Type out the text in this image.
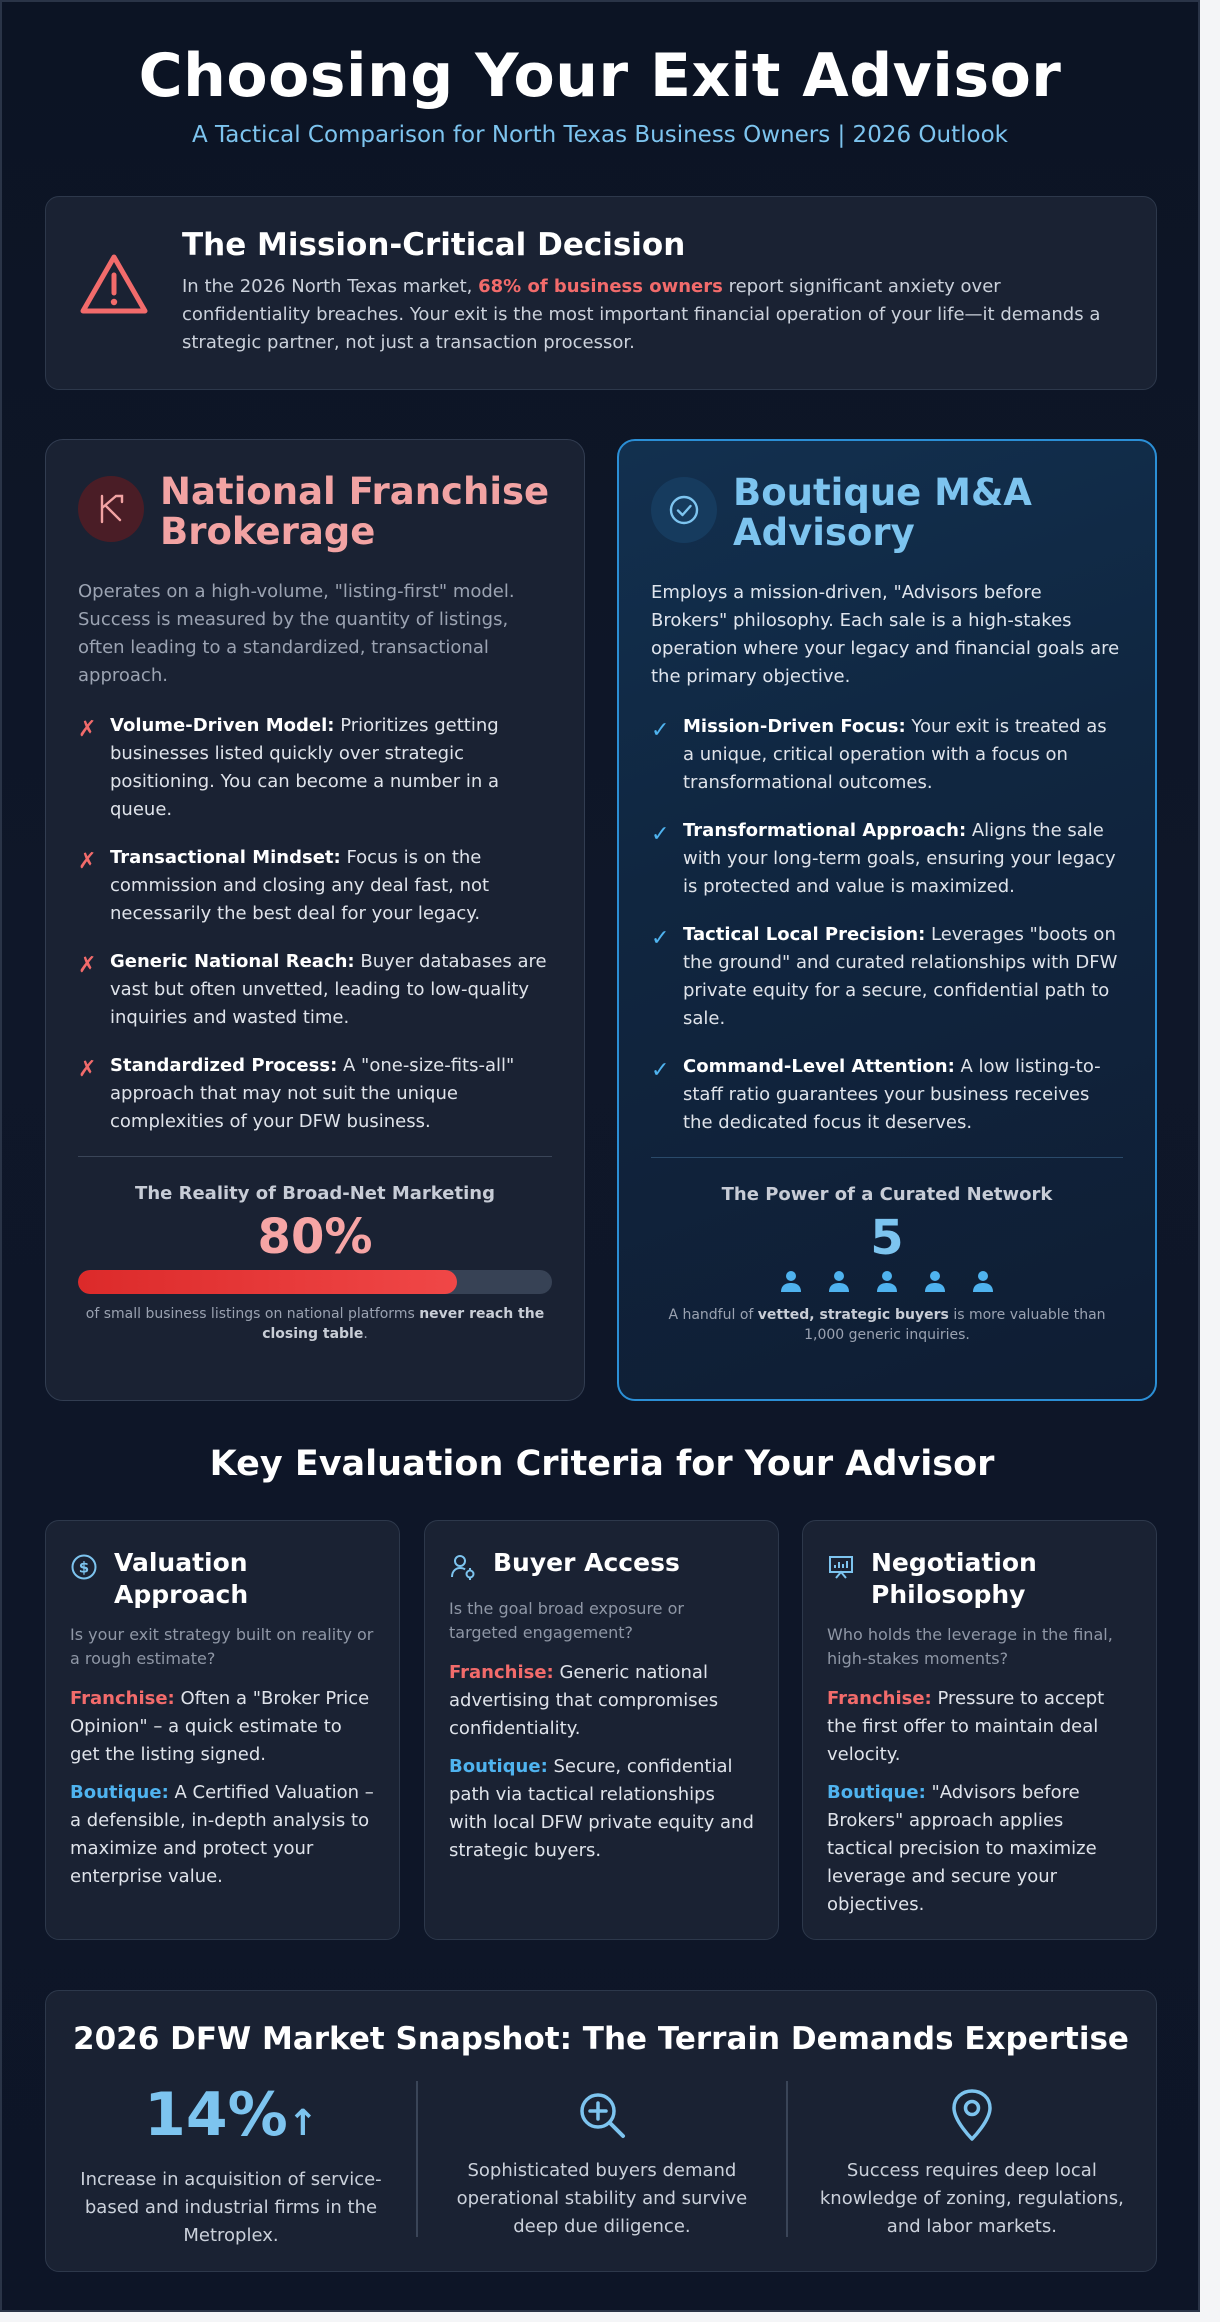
Choosing Your Exit Advisor
A Tactical Comparison for North Texas Business Owners | 2026 Outlook
The Mission-Critical Decision

In the 2026 North Texas market, 68% of business owners report significant anxiety over confidentiality breaches. Your exit is the most important financial operation of your life—it demands a strategic partner, not just a transaction processor.

National Franchise Brokerage

Operates on a high-volume, "listing-first" model. Success is measured by the quantity of listings, often leading to a standardized, transactional approach.

✗ Volume-Driven Model: Prioritizes getting businesses listed quickly over strategic positioning. You can become a number in a queue.
✗ Transactional Mindset: Focus is on the commission and closing any deal fast, not necessarily the best deal for your legacy.
✗ Generic National Reach: Buyer databases are vast but often unvetted, leading to low-quality inquiries and wasted time.
✗ Standardized Process: A "one-size-fits-all" approach that may not suit the unique complexities of your DFW business.
The Reality of Broad-Net Marketing
80%

of small business listings on national platforms never reach the closing table.

Boutique M&A Advisory

Employs a mission-driven, "Advisors before Brokers" philosophy. Each sale is a high-stakes operation where your legacy and financial goals are the primary objective.

✓ Mission-Driven Focus: Your exit is treated as a unique, critical operation with a focus on transformational outcomes.
✓ Transformational Approach: Aligns the sale with your long-term goals, ensuring your legacy is protected and value is maximized.
✓ Tactical Local Precision: Leverages "boots on the ground" and curated relationships with DFW private equity for a secure, confidential path to sale.
✓ Command-Level Attention: A low listing-to-staff ratio guarantees your business receives the dedicated focus it deserves.
The Power of a Curated Network
5

A handful of vetted, strategic buyers is more valuable than 1,000 generic inquiries.

Key Evaluation Criteria for Your Advisor
$ Valuation Approach

Is your exit strategy built on reality or a rough estimate?

Franchise: Often a "Broker Price Opinion" – a quick estimate to get the listing signed.

Boutique: A Certified Valuation – a defensible, in-depth analysis to maximize and protect your enterprise value.

Buyer Access

Is the goal broad exposure or targeted engagement?

Franchise: Generic national advertising that compromises confidentiality.

Boutique: Secure, confidential path via tactical relationships with local DFW private equity and strategic buyers.

Negotiation Philosophy

Who holds the leverage in the final, high-stakes moments?

Franchise: Pressure to accept the first offer to maintain deal velocity.

Boutique: "Advisors before Brokers" approach applies tactical precision to maximize leverage and secure your objectives.

2026 DFW Market Snapshot: The Terrain Demands Expertise
14%↑

Increase in acquisition of service-based and industrial firms in the Metroplex.

Sophisticated buyers demand operational stability and survive deep due diligence.

Success requires deep local knowledge of zoning, regulations, and labor markets.
